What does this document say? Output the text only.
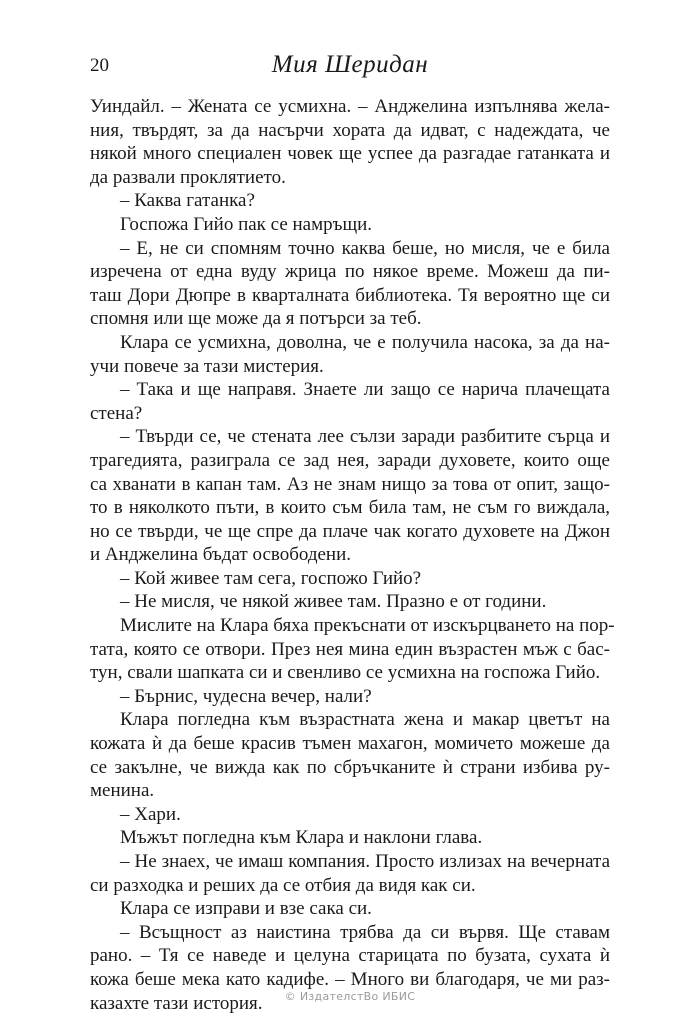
20	Мия Шеридан
Уиндайл. – Жената се усмихна. – Анджелина изпълнява жела-
ния, твърдят, за да насърчи хората да идват, с надеждата, че
някой много специален човек ще успее да разгадае гатанката и
да развали проклятието.
– Каква гатанка?
Госпожа Гийо пак се намръщи.
– Е, не си спомням точно каква беше, но мисля, че е била
изречена от една вуду жрица по някое време. Можеш да пи-
таш Дори Дюпре в кварталната библиотека. Тя вероятно ще си
спомня или ще може да я потърси за теб.
Клара се усмихна, доволна, че е получила насока, за да на-
учи повече за тази мистерия.
– Така и ще направя. Знаете ли защо се нарича плачещата
стена?
– Твърди се, че стената лее сълзи заради разбитите сърца и
трагедията, разиграла се зад нея, заради духовете, които още
са хванати в капан там. Аз не знам нищо за това от опит, защо-
то в няколкото пъти, в които съм била там, не съм го виждала,
но се твърди, че ще спре да плаче чак когато духовете на Джон
и Анджелина бъдат освободени.
– Кой живее там сега, госпожо Гийо?
– Не мисля, че някой живее там. Празно е от години.
Мислите на Клара бяха прекъснати от изскърцването на пор-
тата, която се отвори. През нея мина един възрастен мъж с бас-
тун, свали шапката си и свенливо се усмихна на госпожа Гийо.
– Бърнис, чудесна вечер, нали?
Клара погледна към възрастната жена и макар цветът на
кожата ѝ да беше красив тъмен махагон, момичето можеше да
се закълне, че вижда как по сбръчканите ѝ страни избива ру-
менина.
– Хари.
Мъжът погледна към Клара и наклони глава.
– Не знаех, че имаш компания. Просто излизах на вечерната
си разходка и реших да се отбия да видя как си.
Клара се изправи и взе сака си.
– Всъщност аз наистина трябва да си вървя. Ще ставам
рано. – Тя се наведе и целуна старицата по бузата, сухата ѝ
кожа беше мека като кадифе. – Много ви благодаря, че ми раз-
казахте тази история.	© ИздателстВо ИБИС
